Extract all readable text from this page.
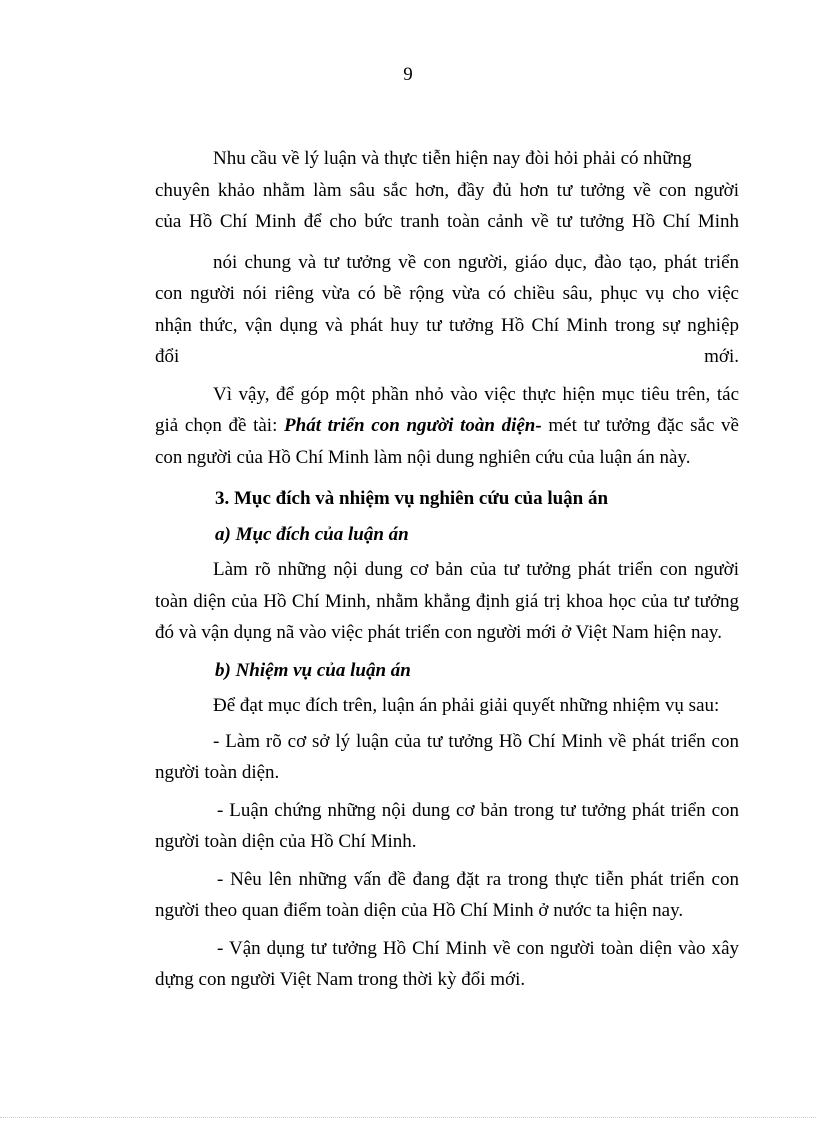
9
Nhu cầu về lý luận và thực tiễn hiện nay đòi hỏi phải có những
chuyên khảo nhằm làm sâu sắc hơn, đầy đủ hơn tư tưởng về con người
của Hồ Chí Minh để cho bức tranh toàn cảnh về tư tưởng Hồ Chí Minh
nói chung và tư tưởng về con người, giáo dục, đào tạo, phát triển
con người nói riêng vừa có bề rộng vừa có chiều sâu, phục vụ cho việc
nhận thức, vận dụng và phát huy tư tưởng Hồ Chí Minh trong sự nghiệp
đổi	mới.
Vì vậy, để góp một phần nhỏ vào việc thực hiện mục tiêu trên, tác giả chọn đề tài: Phát triển con người toàn diện- mét tư tưởng đặc sắc về con người của Hồ Chí Minh làm nội dung nghiên cứu của luận án này.
3. Mục đích và nhiệm vụ nghiên cứu của luận án
a) Mục đích của luận án
Làm rõ những nội dung cơ bản của tư tưởng phát triển con người toàn diện của Hồ Chí Minh, nhằm khẳng định giá trị khoa học của tư tưởng đó và vận dụng nã vào việc phát triển con người mới ở Việt Nam hiện nay.
b) Nhiệm vụ của luận án
Để đạt mục đích trên, luận án phải giải quyết những nhiệm vụ sau:
- Làm rõ cơ sở lý luận của tư tưởng Hồ Chí Minh về phát triển con người toàn diện.
- Luận chứng những nội dung cơ bản trong tư tưởng phát triển con người toàn diện của Hồ Chí Minh.
- Nêu lên những vấn đề đang đặt ra trong thực tiễn phát triển con người theo quan điểm toàn diện của Hồ Chí Minh ở nước ta hiện nay.
- Vận dụng tư tưởng Hồ Chí Minh về con người toàn diện vào xây dựng con người Việt Nam trong thời kỳ đổi mới.
